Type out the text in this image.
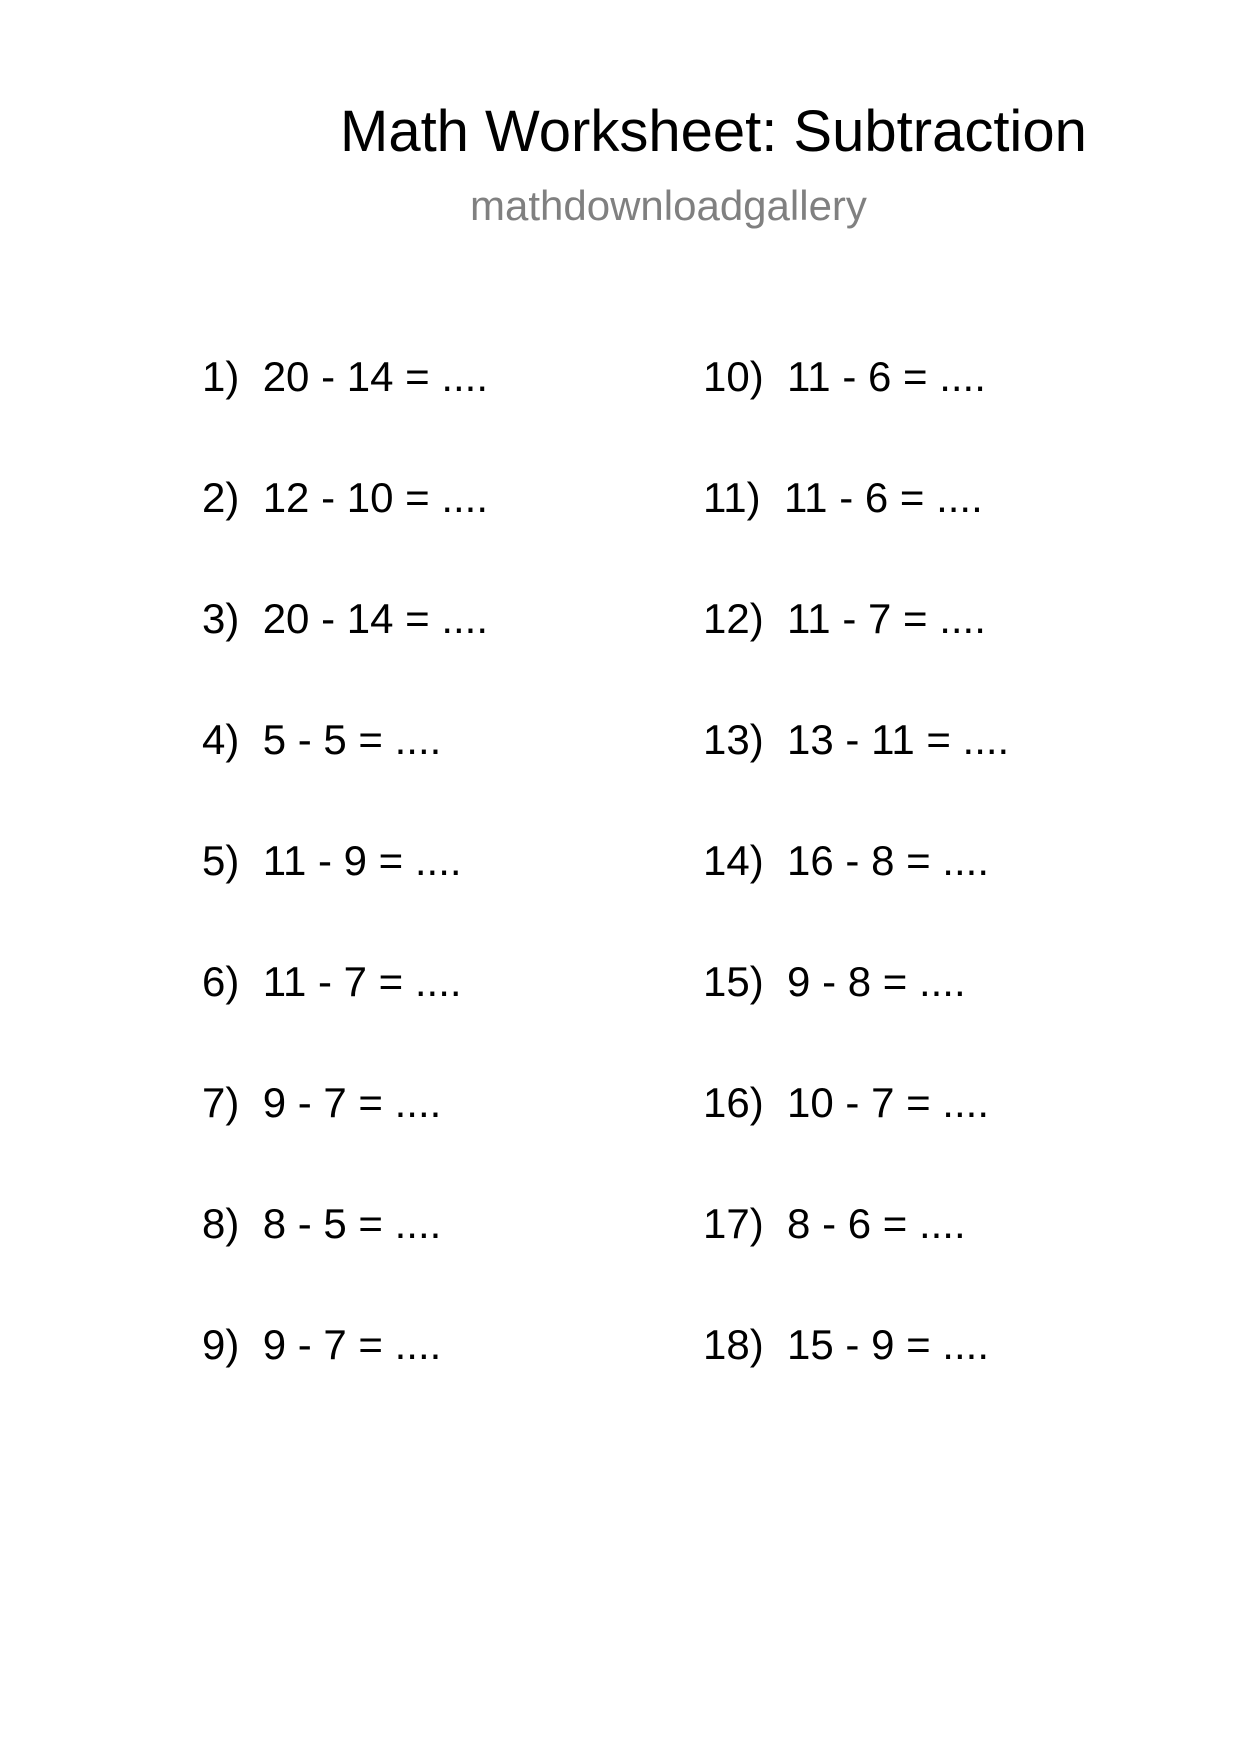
Math Worksheet: Subtraction
mathdownloadgallery
1) 20 - 14 = ....
2) 12 - 10 = ....
3) 20 - 14 = ....
4) 5 - 5 = ....
5) 11 - 9 = ....
6) 11 - 7 = ....
7) 9 - 7 = ....
8) 8 - 5 = ....
9) 9 - 7 = ....
10) 11 - 6 = ....
11) 11 - 6 = ....
12) 11 - 7 = ....
13) 13 - 11 = ....
14) 16 - 8 = ....
15) 9 - 8 = ....
16) 10 - 7 = ....
17) 8 - 6 = ....
18) 15 - 9 = ....
